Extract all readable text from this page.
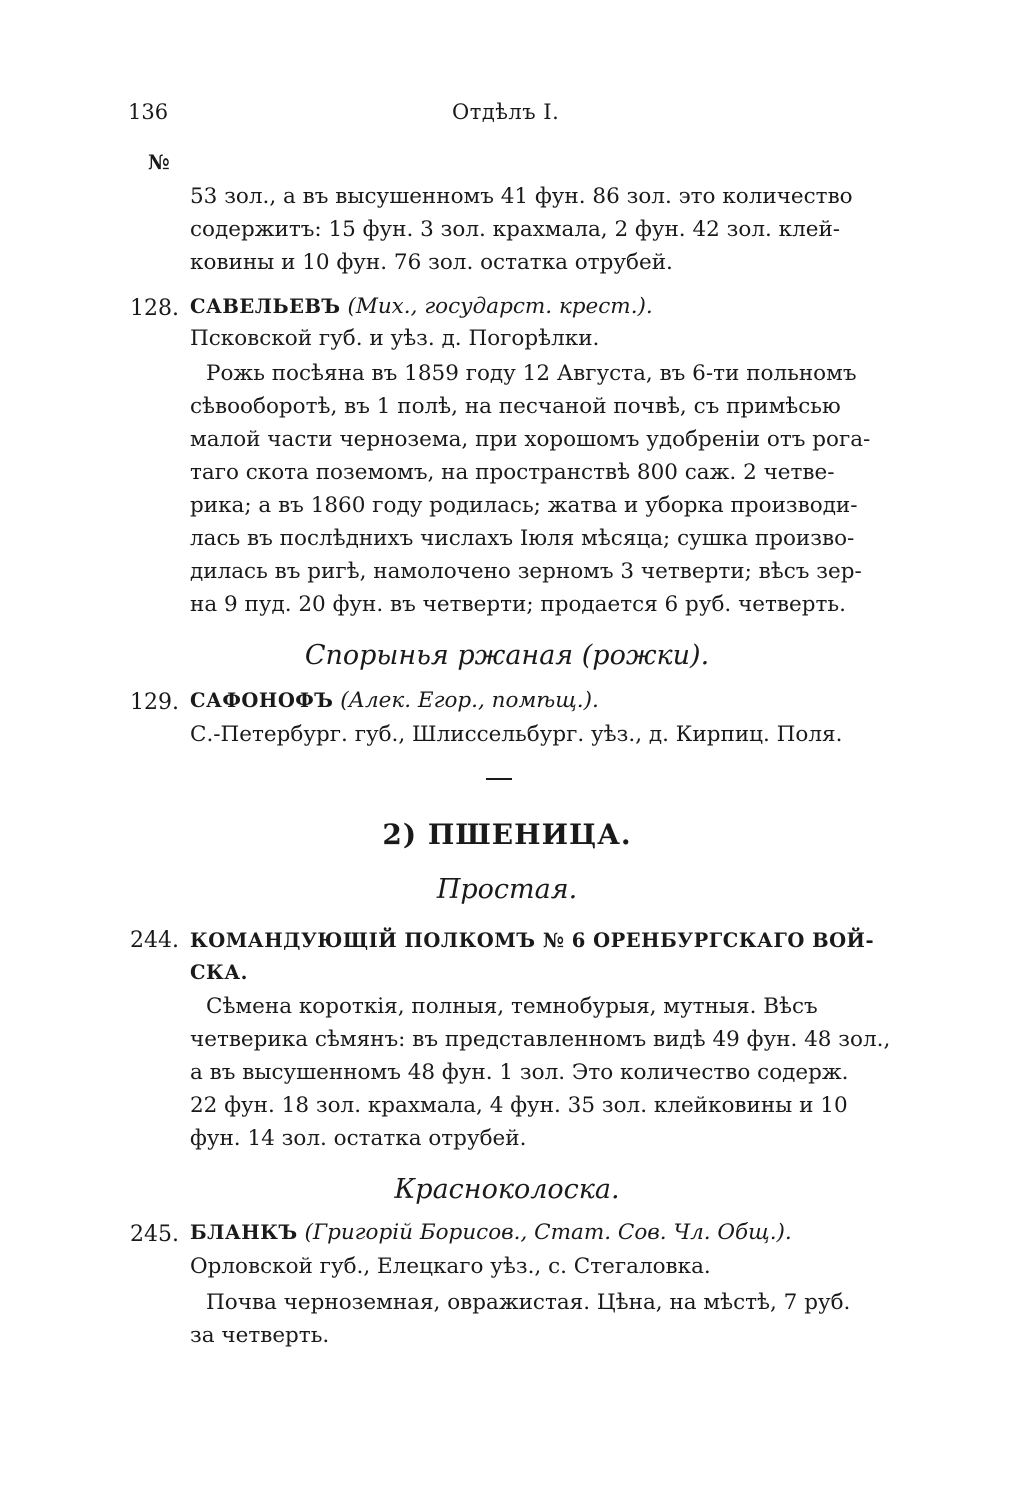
136	Отдѣлъ I.
№
53 зол., а въ высушенномъ 41 фун. 86 зол. это количество
содержитъ: 15 фун. 3 зол. крахмала, 2 фун. 42 зол. клей-
ковины и 10 фун. 76 зол. остатка отрубей.
128. САВЕЛЬЕВЪ (Мих., государст. крест.).
Псковской губ. и уѣз. д. Погорѣлки.
Рожь посѣяна въ 1859 году 12 Августа, въ 6-ти польномъ
сѣвооборотѣ, въ 1 полѣ, на песчаной почвѣ, съ примѣсью
малой части чернозема, при хорошомъ удобреніи отъ рога-
таго скота поземомъ, на пространствѣ 800 саж. 2 четве-
рика; а въ 1860 году родилась; жатва и уборка производи-
лась въ послѣднихъ числахъ Іюля мѣсяца; сушка произво-
дилась въ ригѣ, намолочено зерномъ 3 четверти; вѣсъ зер-
на 9 пуд. 20 фун. въ четверти; продается 6 руб. четверть.
Спорынья ржаная (рожки).
129. САФОНОФЪ (Алек. Егор., помѣщ.).
С.-Петербург. губ., Шлиссельбург. уѣз., д. Кирпиц. Поля.
2) ПШЕНИЦА.
Простая.
244. КОМАНДУЮЩІЙ ПОЛКОМЪ № 6 ОРЕНБУРГСКАГО ВОЙ-
СКА.
Сѣмена короткія, полныя, темнобурыя, мутныя. Вѣсъ
четверика сѣмянъ: въ представленномъ видѣ 49 фун. 48 зол.,
а въ высушенномъ 48 фун. 1 зол. Это количество содерж.
22 фун. 18 зол. крахмала, 4 фун. 35 зол. клейковины и 10
фун. 14 зол. остатка отрубей.
Красноколоска.
245. БЛАНКЪ (Григорій Борисов., Стат. Сов. Чл. Общ.).
Орловской губ., Елецкаго уѣз., с. Стегаловка.
Почва черноземная, овражистая. Цѣна, на мѣстѣ, 7 руб.
за четверть.
